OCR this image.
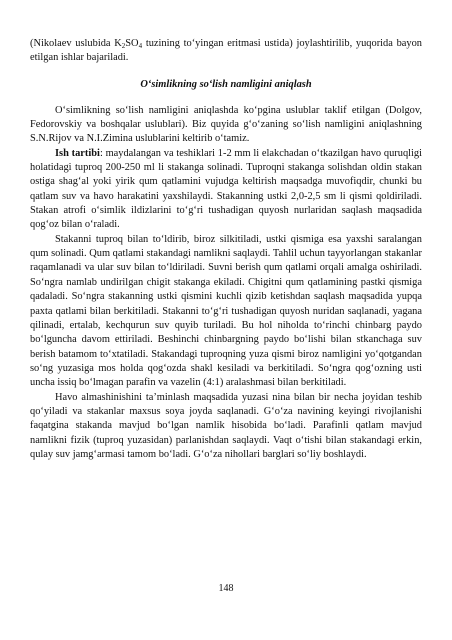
(Nikolaev uslubida $K_2SO_4$ tuzining to‘yingan eritmasi ustida) joylashtirilib, yuqorida bayon etilgan ishlar bajariladi.

O‘simlikning so‘lish namligini aniqlash

O‘simlikning so‘lish namligini aniqlashda ko‘pgina uslublar taklif etilgan (Dolgov, Fedorovskiy va boshqalar uslublari). Biz quyida g‘o‘zaning so‘lish namligini aniqlashning S.N.Rijov va N.I.Zimina uslublarini keltirib o‘tamiz.

Ish tartibi: maydalangan va teshiklari 1-2 mm li elakchadan o‘tkazilgan havo quruqligi holatidagi tuproq 200-250 ml li stakanga solinadi. Tuproqni stakanga solishdan oldin stakan ostiga shag‘al yoki yirik qum qatlamini vujudga keltirish maqsadga muvofiqdir, chunki bu qatlam suv va havo harakatini yaxshilaydi. Stakanning ustki 2,0-2,5 sm li qismi qoldiriladi. Stakan atrofi o‘simlik ildizlarini to‘g‘ri tushadigan quyosh nurlaridan saqlash maqsadida qog‘oz bilan o‘raladi.

Stakanni tuproq bilan to‘ldirib, biroz silkitiladi, ustki qismiga esa yaxshi saralangan qum solinadi. Qum qatlami stakandagi namlikni saqlaydi. Tahlil uchun tayyorlangan stakanlar raqamlanadi va ular suv bilan to‘ldiriladi. Suvni berish qum qatlami orqali amalga oshiriladi. So‘ngra namlab undirilgan chigit stakanga ekiladi. Chigitni qum qatlamining pastki qismiga qadaladi. So‘ngra stakanning ustki qismini kuchli qizib ketishdan saqlash maqsadida yupqa paxta qatlami bilan berkitiladi. Stakanni to‘g‘ri tushadigan quyosh nuridan saqlanadi, yagana qilinadi, ertalab, kechqurun suv quyib turiladi. Bu hol niholda to‘rinchi chinbarg paydo bo‘lguncha davom ettiriladi. Beshinchi chinbargning paydo bo‘lishi bilan stkanchaga suv berish batamom to‘xtatiladi. Stakandagi tuproqning yuza qismi biroz namligini yo‘qotgandan so‘ng yuzasiga mos holda qog‘ozda shakl kesiladi va berkitiladi. So‘ngra qog‘ozning usti uncha issiq bo‘lmagan parafin va vazelin (4:1) aralashmasi bilan berkitiladi.

Havo almashinishini ta’minlash maqsadida yuzasi nina bilan bir necha joyidan teshib qo‘yiladi va stakanlar maxsus soya joyda saqlanadi. G‘o‘za navining keyingi rivojlanishi faqatgina stakanda mavjud bo‘lgan namlik hisobida bo‘ladi. Parafinli qatlam mavjud namlikni fizik (tuproq yuzasidan) parlanishdan saqlaydi. Vaqt o‘tishi bilan stakandagi erkin, qulay suv jamg‘armasi tamom bo‘ladi. G‘o‘za nihollari barglari so‘liy boshlaydi.

148
